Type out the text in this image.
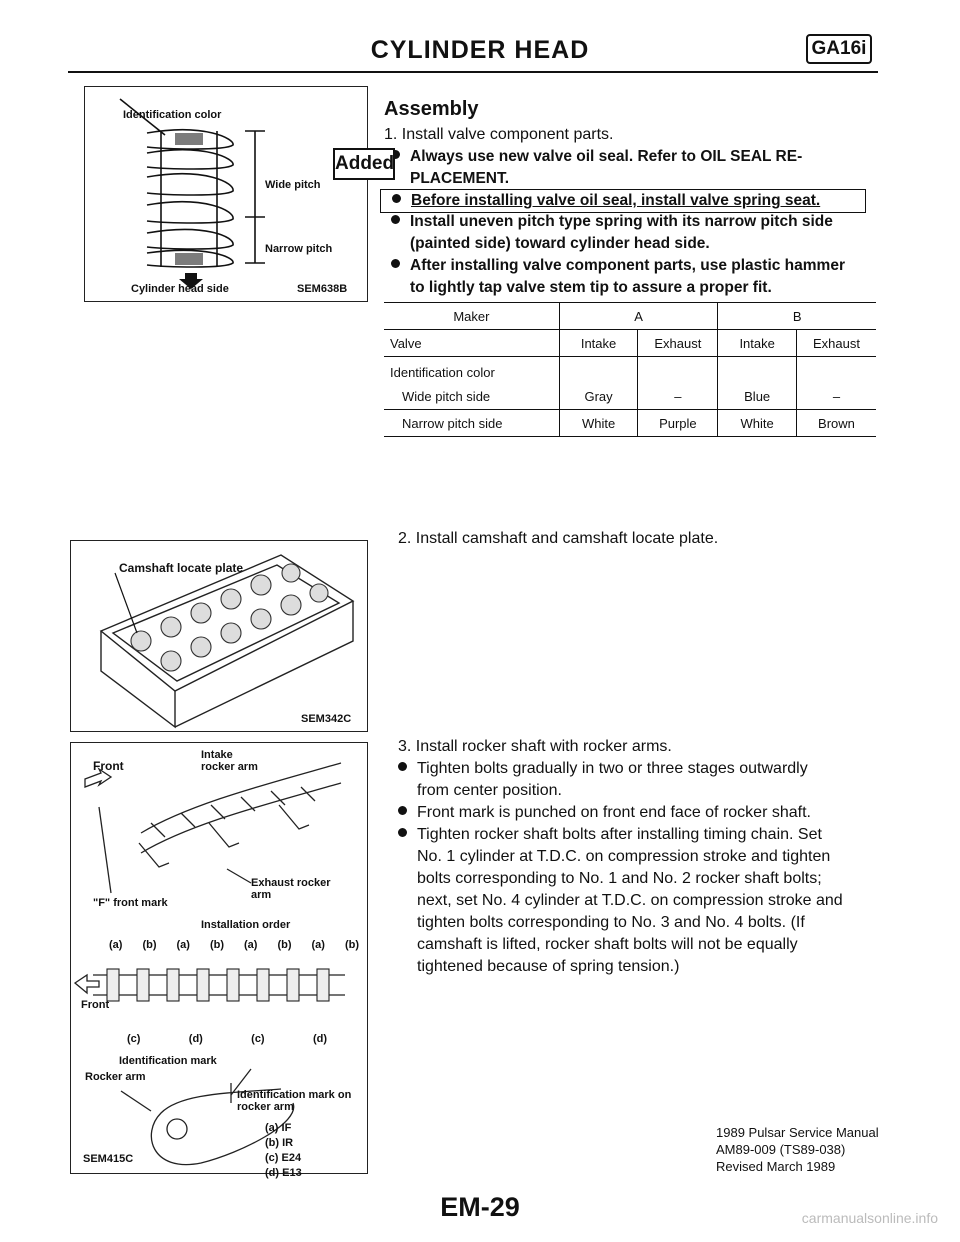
CYLINDER HEAD	GA16i
Identification color
Wide pitch
Narrow pitch
Cylinder head side	SEM638B
Assembly
1. Install valve component parts.
Always use new valve oil seal. Refer to OIL SEAL RE-
PLACEMENT.
Added
Before installing valve oil seal, install valve spring seat.
Install uneven pitch type spring with its narrow pitch side
(painted side) toward cylinder head side.
After installing valve component parts, use plastic hammer
to lightly tap valve stem tip to assure a proper fit.
Maker	A		B	
Valve	Intake	Exhaust	Intake	Exhaust
Identification color				
Wide pitch side	Gray	–	Blue	–
Narrow pitch side	White	Purple	White	Brown
Camshaft locate plate
SEM342C
2. Install camshaft and camshaft locate plate.
Front
Intake rocker arm
Exhaust rocker arm
"F" front mark
Installation order
(a) (b) (a) (b) (a) (b) (a) (b)
Front
(c)	(d)	(c)	(d)
Identification mark
Rocker arm
Identification mark on rocker arm
(a) IF
(b) IR
(c) E24
(d) E13
SEM415C
3. Install rocker shaft with rocker arms.
Tighten bolts gradually in two or three stages outwardly
from center position.
Front mark is punched on front end face of rocker shaft.
Tighten rocker shaft bolts after installing timing chain. Set
No. 1 cylinder at T.D.C. on compression stroke and tighten
bolts corresponding to No. 1 and No. 2 rocker shaft bolts;
next, set No. 4 cylinder at T.D.C. on compression stroke and
tighten bolts corresponding to No. 3 and No. 4 bolts. (If
camshaft is lifted, rocker shaft bolts will not be equally
tightened because of spring tension.)
1989 Pulsar Service Manual
AM89-009 (TS89-038)
Revised March 1989
EM-29	carmanualsonline.info
